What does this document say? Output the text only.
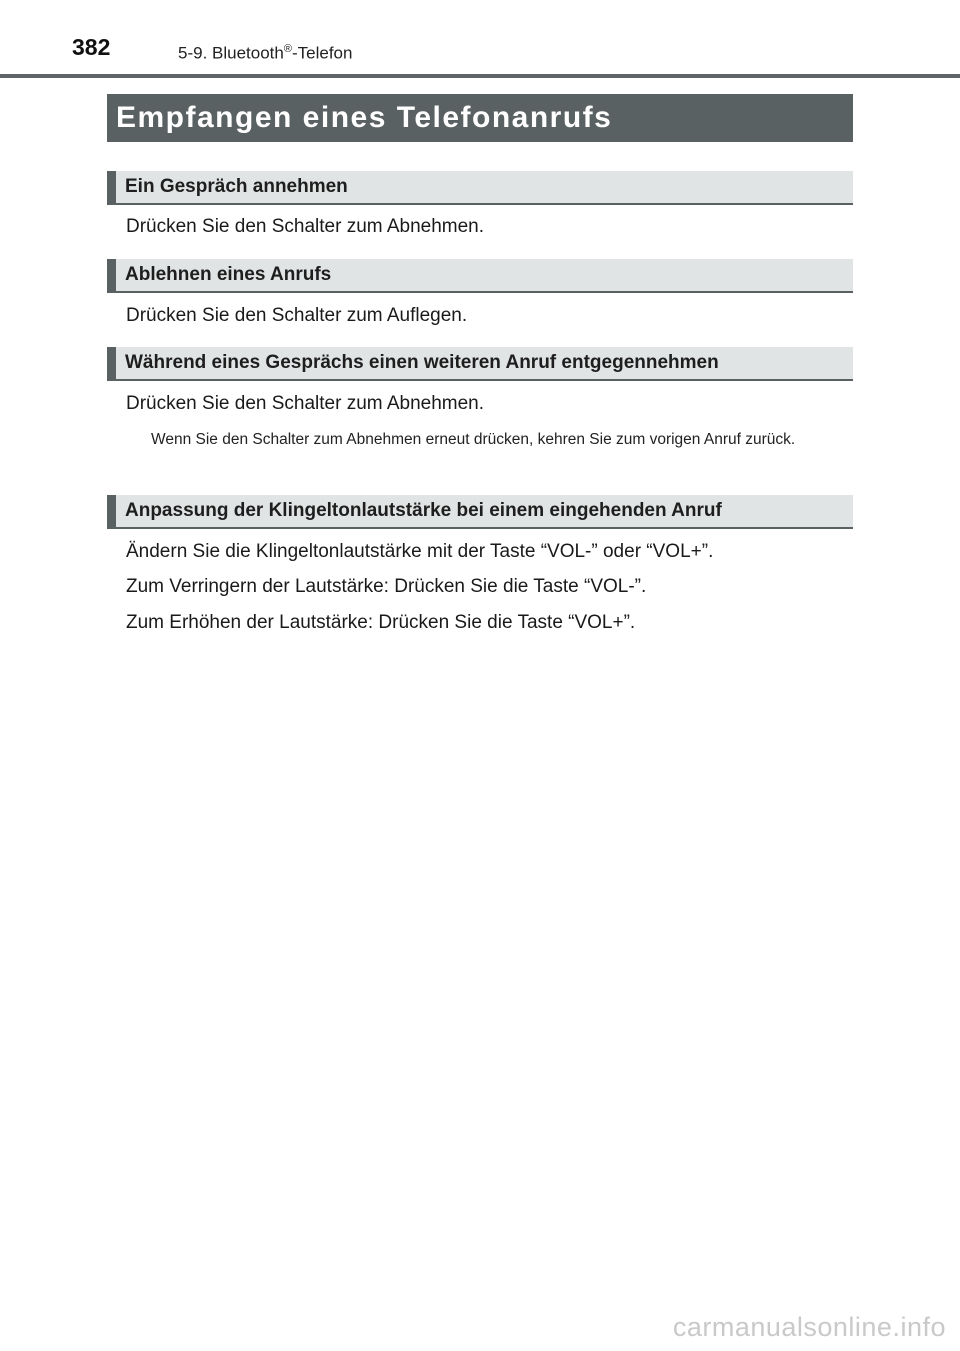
382	5-9. Bluetooth®-Telefon
Empfangen eines Telefonanrufs
Ein Gespräch annehmen
Drücken Sie den Schalter zum Abnehmen.
Ablehnen eines Anrufs
Drücken Sie den Schalter zum Auflegen.
Während eines Gesprächs einen weiteren Anruf entgegennehmen
Drücken Sie den Schalter zum Abnehmen.
Wenn Sie den Schalter zum Abnehmen erneut drücken, kehren Sie zum vorigen Anruf zurück.
Anpassung der Klingeltonlautstärke bei einem eingehenden Anruf
Ändern Sie die Klingeltonlautstärke mit der Taste “VOL-” oder “VOL+”.
Zum Verringern der Lautstärke: Drücken Sie die Taste “VOL-”.
Zum Erhöhen der Lautstärke: Drücken Sie die Taste “VOL+”.
carmanualsonline.info
